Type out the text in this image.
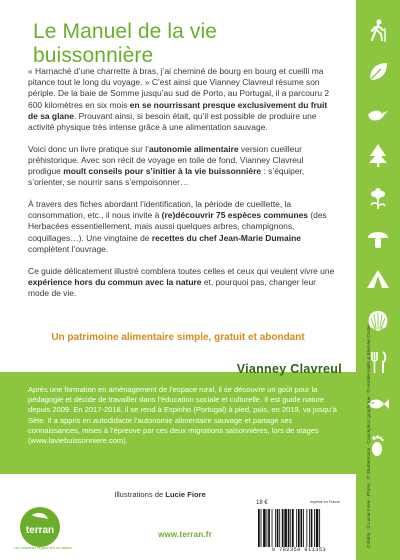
Crédits : © Lucie Fiore - Photo : © Shutterstock · Conception graphique : © Aurélie Halls & Etienne Coste
Le Manuel de la vie buissonnière

« Harnaché d’une charrette à bras, j’ai cheminé de bourg en bourg et cueilli ma pitance tout le long du voyage. » C’est ainsi que Vianney Clavreul résume son périple. De la baie de Somme jusqu’au sud de Porto, au Portugal, il a parcouru 2 600 kilomètres en six mois en se nourrissant presque exclusivement du fruit de sa glane. Prouvant ainsi, si besoin était, qu’il est possible de produire une activité physique très intense grâce à une alimentation sauvage.

Voici donc un livre pratique sur l’autonomie alimentaire version cueilleur préhistorique. Avec son récit de voyage en toile de fond, Vianney Clavreul prodigue moult conseils pour s’initier à la vie buissonnière : s’équiper, s’orienter, se nourrir sans s’empoisonner…

À travers des fiches abordant l’identification, la période de cueillette, la consommation, etc., il nous invite à (re)découvrir 75 espèces communes (des Herbacées essentiellement, mais aussi quelques arbres, champignons, coquillages…). Une vingtaine de recettes du chef Jean-Marie Dumaine complètent l’ouvrage.

Ce guide délicatement illustré comblera toutes celles et ceux qui veulent vivre une expérience hors du commun avec la nature et, pourquoi pas, changer leur mode de vie.

Un patrimoine alimentaire simple, gratuit et abondant
Vianney Clavreul
Après une formation en aménagement de l’espace rural, il se découvre un goût pour la pédagogie et décide de travailler dans l’éducation sociale et culturelle. Il est guide nature depuis 2009. En 2017-2018, il se rend à Espinho (Portugal) à pied, puis, en 2019, va jusqu’à Sète. Il a appris en autodidacte l’autonomie alimentaire sauvage et partage ses connaissances, mises à l’épreuve par ces deux migrations saisonnières, lors de stages (www.laviebuissonniere.com).
Illustrations de Lucie Fiore
terran
Un nouveau regard sur la nature
www.terran.fr
18 €	Imprimé en France
9 782359 811353
